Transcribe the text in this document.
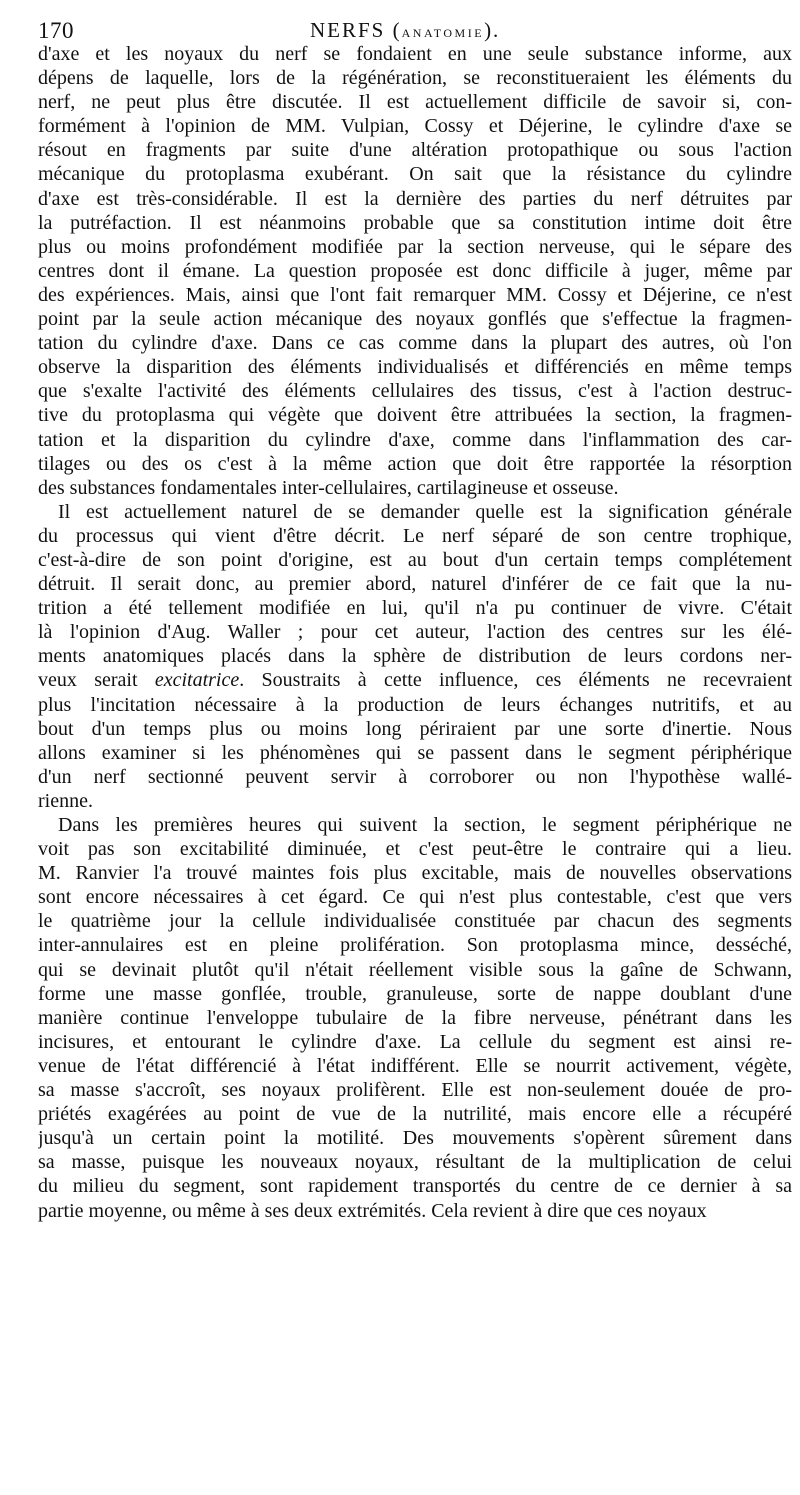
170	NERFS (ANATOMIE).
d'axe et les noyaux du nerf se fondaient en une seule substance informe, aux
dépens de laquelle, lors de la régénération, se reconstitueraient les éléments du
nerf, ne peut plus être discutée. Il est actuellement difficile de savoir si, con-
formément à l'opinion de MM. Vulpian, Cossy et Déjerine, le cylindre d'axe se
résout en fragments par suite d'une altération protopathique ou sous l'action
mécanique du protoplasma exubérant. On sait que la résistance du cylindre
d'axe est très-considérable. Il est la dernière des parties du nerf détruites par
la putréfaction. Il est néanmoins probable que sa constitution intime doit être
plus ou moins profondément modifiée par la section nerveuse, qui le sépare des
centres dont il émane. La question proposée est donc difficile à juger, même par
des expériences. Mais, ainsi que l'ont fait remarquer MM. Cossy et Déjerine, ce n'est
point par la seule action mécanique des noyaux gonflés que s'effectue la fragmen-
tation du cylindre d'axe. Dans ce cas comme dans la plupart des autres, où l'on
observe la disparition des éléments individualisés et différenciés en même temps
que s'exalte l'activité des éléments cellulaires des tissus, c'est à l'action destruc-
tive du protoplasma qui végète que doivent être attribuées la section, la fragmen-
tation et la disparition du cylindre d'axe, comme dans l'inflammation des car-
tilages ou des os c'est à la même action que doit être rapportée la résorption
des substances fondamentales inter-cellulaires, cartilagineuse et osseuse.
Il est actuellement naturel de se demander quelle est la signification générale
du processus qui vient d'être décrit. Le nerf séparé de son centre trophique,
c'est-à-dire de son point d'origine, est au bout d'un certain temps complétement
détruit. Il serait donc, au premier abord, naturel d'inférer de ce fait que la nu-
trition a été tellement modifiée en lui, qu'il n'a pu continuer de vivre. C'était
là l'opinion d'Aug. Waller ; pour cet auteur, l'action des centres sur les élé-
ments anatomiques placés dans la sphère de distribution de leurs cordons ner-
veux serait excitatrice. Soustraits à cette influence, ces éléments ne recevraient
plus l'incitation nécessaire à la production de leurs échanges nutritifs, et au
bout d'un temps plus ou moins long périraient par une sorte d'inertie. Nous
allons examiner si les phénomènes qui se passent dans le segment périphérique
d'un nerf sectionné peuvent servir à corroborer ou non l'hypothèse wallé-
rienne.
Dans les premières heures qui suivent la section, le segment périphérique ne
voit pas son excitabilité diminuée, et c'est peut-être le contraire qui a lieu.
M. Ranvier l'a trouvé maintes fois plus excitable, mais de nouvelles observations
sont encore nécessaires à cet égard. Ce qui n'est plus contestable, c'est que vers
le quatrième jour la cellule individualisée constituée par chacun des segments
inter-annulaires est en pleine prolifération. Son protoplasma mince, desséché,
qui se devinait plutôt qu'il n'était réellement visible sous la gaîne de Schwann,
forme une masse gonflée, trouble, granuleuse, sorte de nappe doublant d'une
manière continue l'enveloppe tubulaire de la fibre nerveuse, pénétrant dans les
incisures, et entourant le cylindre d'axe. La cellule du segment est ainsi re-
venue de l'état différencié à l'état indifférent. Elle se nourrit activement, végète,
sa masse s'accroît, ses noyaux prolifèrent. Elle est non-seulement douée de pro-
priétés exagérées au point de vue de la nutrilité, mais encore elle a récupéré
jusqu'à un certain point la motilité. Des mouvements s'opèrent sûrement dans
sa masse, puisque les nouveaux noyaux, résultant de la multiplication de celui
du milieu du segment, sont rapidement transportés du centre de ce dernier à sa
partie moyenne, ou même à ses deux extrémités. Cela revient à dire que ces noyaux
